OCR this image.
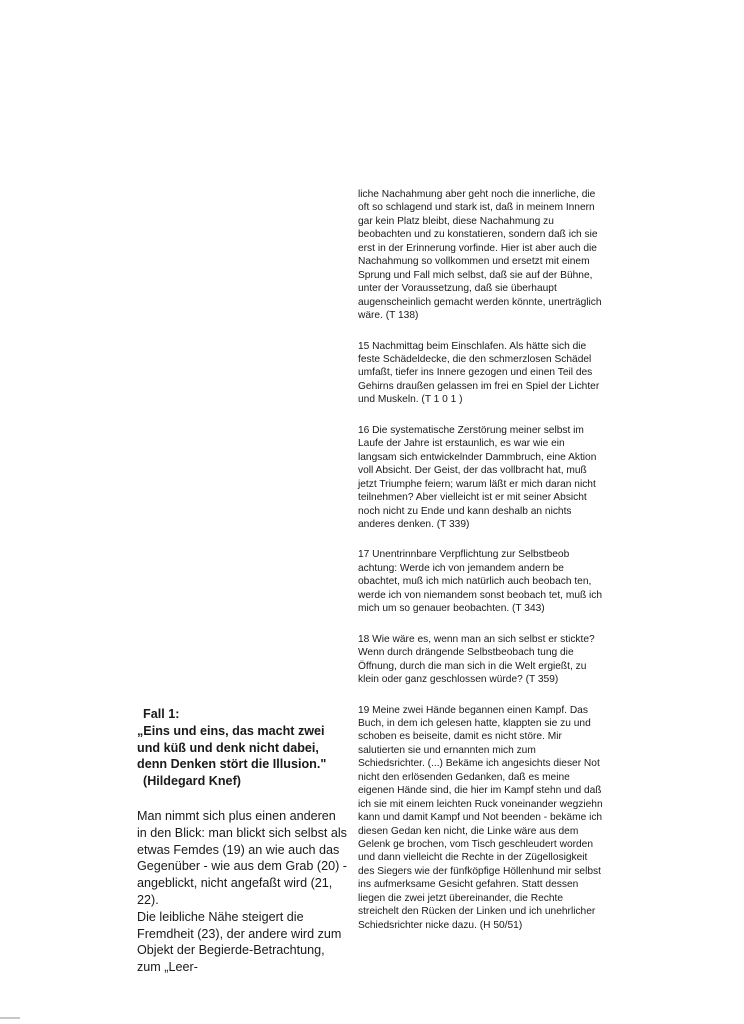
liche Nachahmung aber geht noch die innerliche, die oft so schlagend und stark ist, daß in meinem Innern gar kein Platz bleibt, diese Nachahmung zu beobachten und zu konstatieren, sondern daß ich sie erst in der Erinnerung vorfinde. Hier ist aber auch die Nachahmung so vollkommen und ersetzt mit einem Sprung und Fall mich selbst, daß sie auf der Bühne, unter der Voraussetzung, daß sie überhaupt augenscheinlich gemacht werden könnte, unerträglich wäre. (T 138)

15 Nachmittag beim Einschlafen. Als hätte sich die feste Schädeldecke, die den schmerzlosen Schädel umfaßt, tiefer ins Innere gezogen und einen Teil des Gehirns draußen gelassen im frei en Spiel der Lichter und Muskeln. (T 1 0 1 )

16 Die systematische Zerstörung meiner selbst im Laufe der Jahre ist erstaunlich, es war wie ein langsam sich entwickelnder Dammbruch, eine Aktion voll Absicht. Der Geist, der das vollbracht hat, muß jetzt Triumphe feiern; warum läßt er mich daran nicht teilnehmen? Aber vielleicht ist er mit seiner Absicht noch nicht zu Ende und kann deshalb an nichts anderes denken. (T 339)

17 Unentrinnbare Verpflichtung zur Selbstbeob achtung: Werde ich von jemandem andern be obachtet, muß ich mich natürlich auch beobach ten, werde ich von niemandem sonst beobach tet, muß ich mich um so genauer beobachten. (T 343)

18 Wie wäre es, wenn man an sich selbst er stickte? Wenn durch drängende Selbstbeobach tung die Öffnung, durch die man sich in die Welt ergießt, zu klein oder ganz geschlossen würde? (T 359)

19 Meine zwei Hände begannen einen Kampf. Das Buch, in dem ich gelesen hatte, klappten sie zu und schoben es beiseite, damit es nicht störe. Mir salutierten sie und ernannten mich zum Schiedsrichter. (...) Bekäme ich angesichts dieser Not nicht den erlösenden Gedanken, daß es meine eigenen Hände sind, die hier im Kampf stehn und daß ich sie mit einem leichten Ruck voneinander wegziehn kann und damit Kampf und Not beenden - bekäme ich diesen Gedan ken nicht, die Linke wäre aus dem Gelenk ge brochen, vom Tisch geschleudert worden und dann vielleicht die Rechte in der Zügellosigkeit des Siegers wie der fünfköpfige Höllenhund mir selbst ins aufmerksame Gesicht gefahren. Statt dessen liegen die zwei jetzt übereinander, die Rechte streichelt den Rücken der Linken und ich unehrlicher Schiedsrichter nicke dazu. (H 50/51)

Fall 1:
„Eins und eins, das macht zwei und küß und denk nicht dabei, denn Denken stört die Illusion."
(Hildegard Knef)

Man nimmt sich plus einen anderen in den Blick: man blickt sich selbst als etwas Femdes (19) an wie auch das Gegenüber - wie aus dem Grab (20) -angeblickt, nicht angefaßt wird (21, 22).
Die leibliche Nähe steigert die Fremdheit (23), der andere wird zum Objekt der Begierde-Betrachtung, zum „Leer-
